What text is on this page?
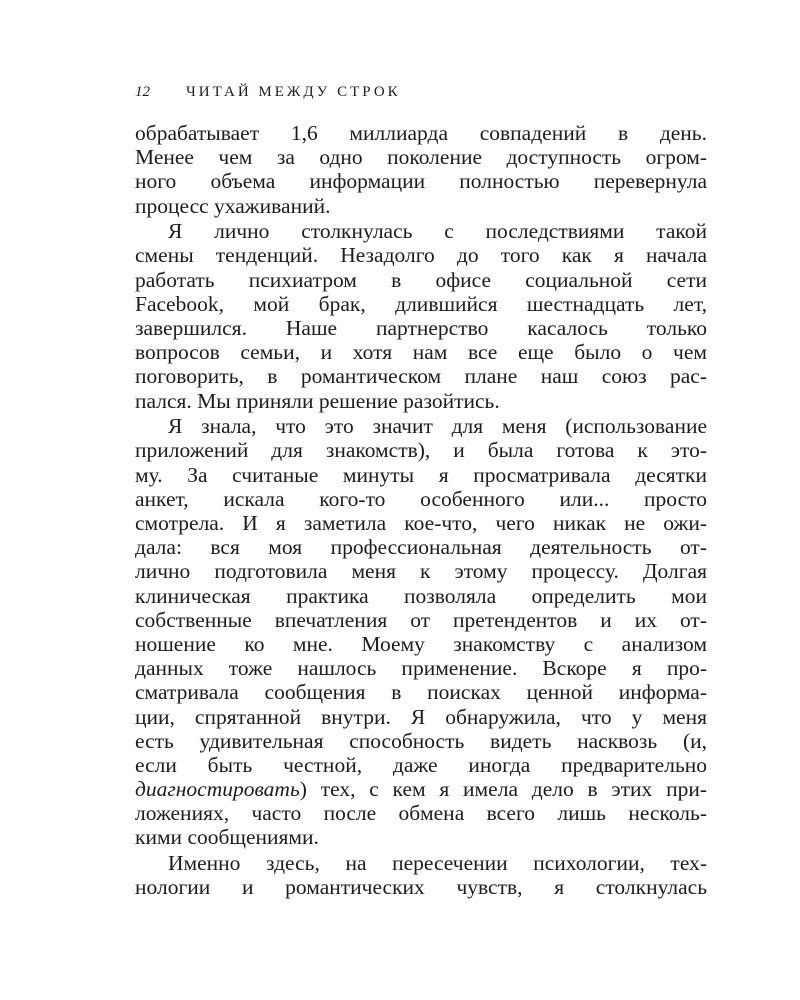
12 ЧИТАЙ МЕЖДУ СТРОК
обрабатывает 1,6 миллиарда совпадений в день.
Менее чем за одно поколение доступность огром-
ного объема информации полностью перевернула
процесс ухаживаний.
Я лично столкнулась с последствиями такой
смены тенденций. Незадолго до того как я начала
работать психиатром в офисе социальной сети
Facebook, мой брак, длившийся шестнадцать лет,
завершился. Наше партнерство касалось только
вопросов семьи, и хотя нам все еще было о чем
поговорить, в романтическом плане наш союз рас-
пался. Мы приняли решение разойтись.
Я знала, что это значит для меня (использование
приложений для знакомств), и была готова к это-
му. За считаные минуты я просматривала десятки
анкет, искала кого-то особенного или... просто
смотрела. И я заметила кое-что, чего никак не ожи-
дала: вся моя профессиональная деятельность от-
лично подготовила меня к этому процессу. Долгая
клиническая практика позволяла определить мои
собственные впечатления от претендентов и их от-
ношение ко мне. Моему знакомству с анализом
данных тоже нашлось применение. Вскоре я про-
сматривала сообщения в поисках ценной информа-
ции, спрятанной внутри. Я обнаружила, что у меня
есть удивительная способность видеть насквозь (и,
если быть честной, даже иногда предварительно
диагностировать) тех, с кем я имела дело в этих при-
ложениях, часто после обмена всего лишь несколь-
кими сообщениями.
Именно здесь, на пересечении психологии, тех-
нологии и романтических чувств, я столкнулась
